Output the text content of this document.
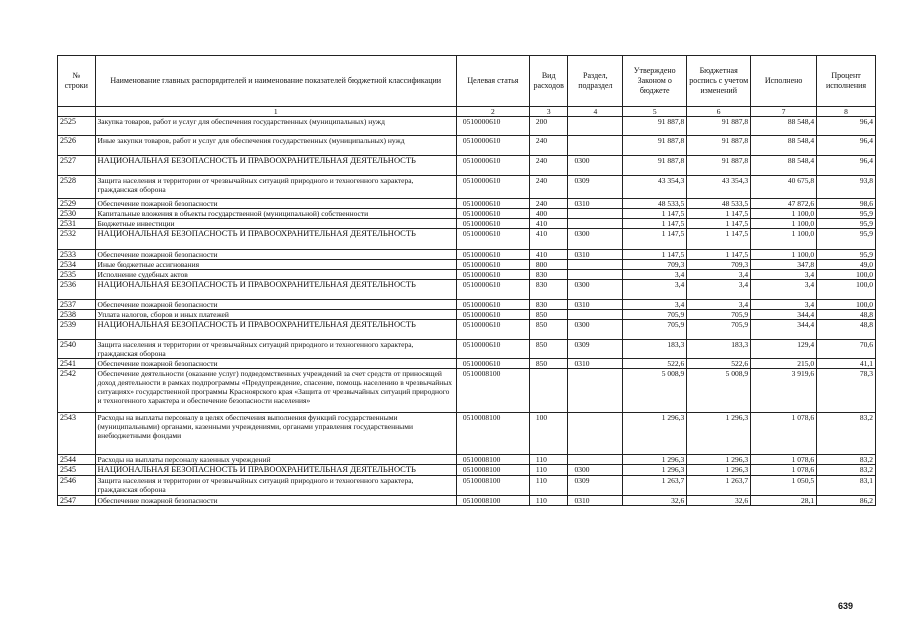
№ строки	Наименование главных распорядителей и наименование показателей бюджетной классификации	Целевая статья	Вид расходов	Раздел, подраздел	Утверждено Законом о бюджете	Бюджетная роспись с учетом изменений	Исполнено	Процент исполнения
	1	2	3	4	5	6	7	8
2525	Закупка товаров, работ и услуг для обеспечения государственных (муниципальных) нужд	0510000610	200		91 887,8	91 887,8	88 548,4	96,4
2526	Иные закупки товаров, работ и услуг для обеспечения государственных (муниципальных) нужд	0510000610	240		91 887,8	91 887,8	88 548,4	96,4
2527	НАЦИОНАЛЬНАЯ БЕЗОПАСНОСТЬ И ПРАВООХРАНИТЕЛЬНАЯ ДЕЯТЕЛЬНОСТЬ	0510000610	240	0300	91 887,8	91 887,8	88 548,4	96,4
2528	Защита населения и территории от чрезвычайных ситуаций природного и техногенного характера, гражданская оборона	0510000610	240	0309	43 354,3	43 354,3	40 675,8	93,8
2529	Обеспечение пожарной безопасности	0510000610	240	0310	48 533,5	48 533,5	47 872,6	98,6
2530	Капитальные вложения в объекты государственной (муниципальной) собственности	0510000610	400		1 147,5	1 147,5	1 100,0	95,9
2531	Бюджетные инвестиции	0510000610	410		1 147,5	1 147,5	1 100,0	95,9
2532	НАЦИОНАЛЬНАЯ БЕЗОПАСНОСТЬ И ПРАВООХРАНИТЕЛЬНАЯ ДЕЯТЕЛЬНОСТЬ	0510000610	410	0300	1 147,5	1 147,5	1 100,0	95,9
2533	Обеспечение пожарной безопасности	0510000610	410	0310	1 147,5	1 147,5	1 100,0	95,9
2534	Иные бюджетные ассигнования	0510000610	800		709,3	709,3	347,8	49,0
2535	Исполнение судебных актов	0510000610	830		3,4	3,4	3,4	100,0
2536	НАЦИОНАЛЬНАЯ БЕЗОПАСНОСТЬ И ПРАВООХРАНИТЕЛЬНАЯ ДЕЯТЕЛЬНОСТЬ	0510000610	830	0300	3,4	3,4	3,4	100,0
2537	Обеспечение пожарной безопасности	0510000610	830	0310	3,4	3,4	3,4	100,0
2538	Уплата налогов, сборов и иных платежей	0510000610	850		705,9	705,9	344,4	48,8
2539	НАЦИОНАЛЬНАЯ БЕЗОПАСНОСТЬ И ПРАВООХРАНИТЕЛЬНАЯ ДЕЯТЕЛЬНОСТЬ	0510000610	850	0300	705,9	705,9	344,4	48,8
2540	Защита населения и территории от чрезвычайных ситуаций природного и техногенного характера, гражданская оборона	0510000610	850	0309	183,3	183,3	129,4	70,6
2541	Обеспечение пожарной безопасности	0510000610	850	0310	522,6	522,6	215,0	41,1
2542	Обеспечение деятельности (оказание услуг) подведомственных учреждений за счет средств от приносящей доход деятельности в рамках подпрограммы «Предупреждение, спасение, помощь населению в чрезвычайных ситуациях» государственной программы Красноярского края «Защита от чрезвычайных ситуаций природного и техногенного характера и обеспечение безопасности населения»	0510008100			5 008,9	5 008,9	3 919,6	78,3
2543	Расходы на выплаты персоналу в целях обеспечения выполнения функций государственными (муниципальными) органами, казенными учреждениями, органами управления государственными внебюджетными фондами	0510008100	100		1 296,3	1 296,3	1 078,6	83,2
2544	Расходы на выплаты персоналу казенных учреждений	0510008100	110		1 296,3	1 296,3	1 078,6	83,2
2545	НАЦИОНАЛЬНАЯ БЕЗОПАСНОСТЬ И ПРАВООХРАНИТЕЛЬНАЯ ДЕЯТЕЛЬНОСТЬ	0510008100	110	0300	1 296,3	1 296,3	1 078,6	83,2
2546	Защита населения и территории от чрезвычайных ситуаций природного и техногенного характера, гражданская оборона	0510008100	110	0309	1 263,7	1 263,7	1 050,5	83,1
2547	Обеспечение пожарной безопасности	0510008100	110	0310	32,6	32,6	28,1	86,2
639
